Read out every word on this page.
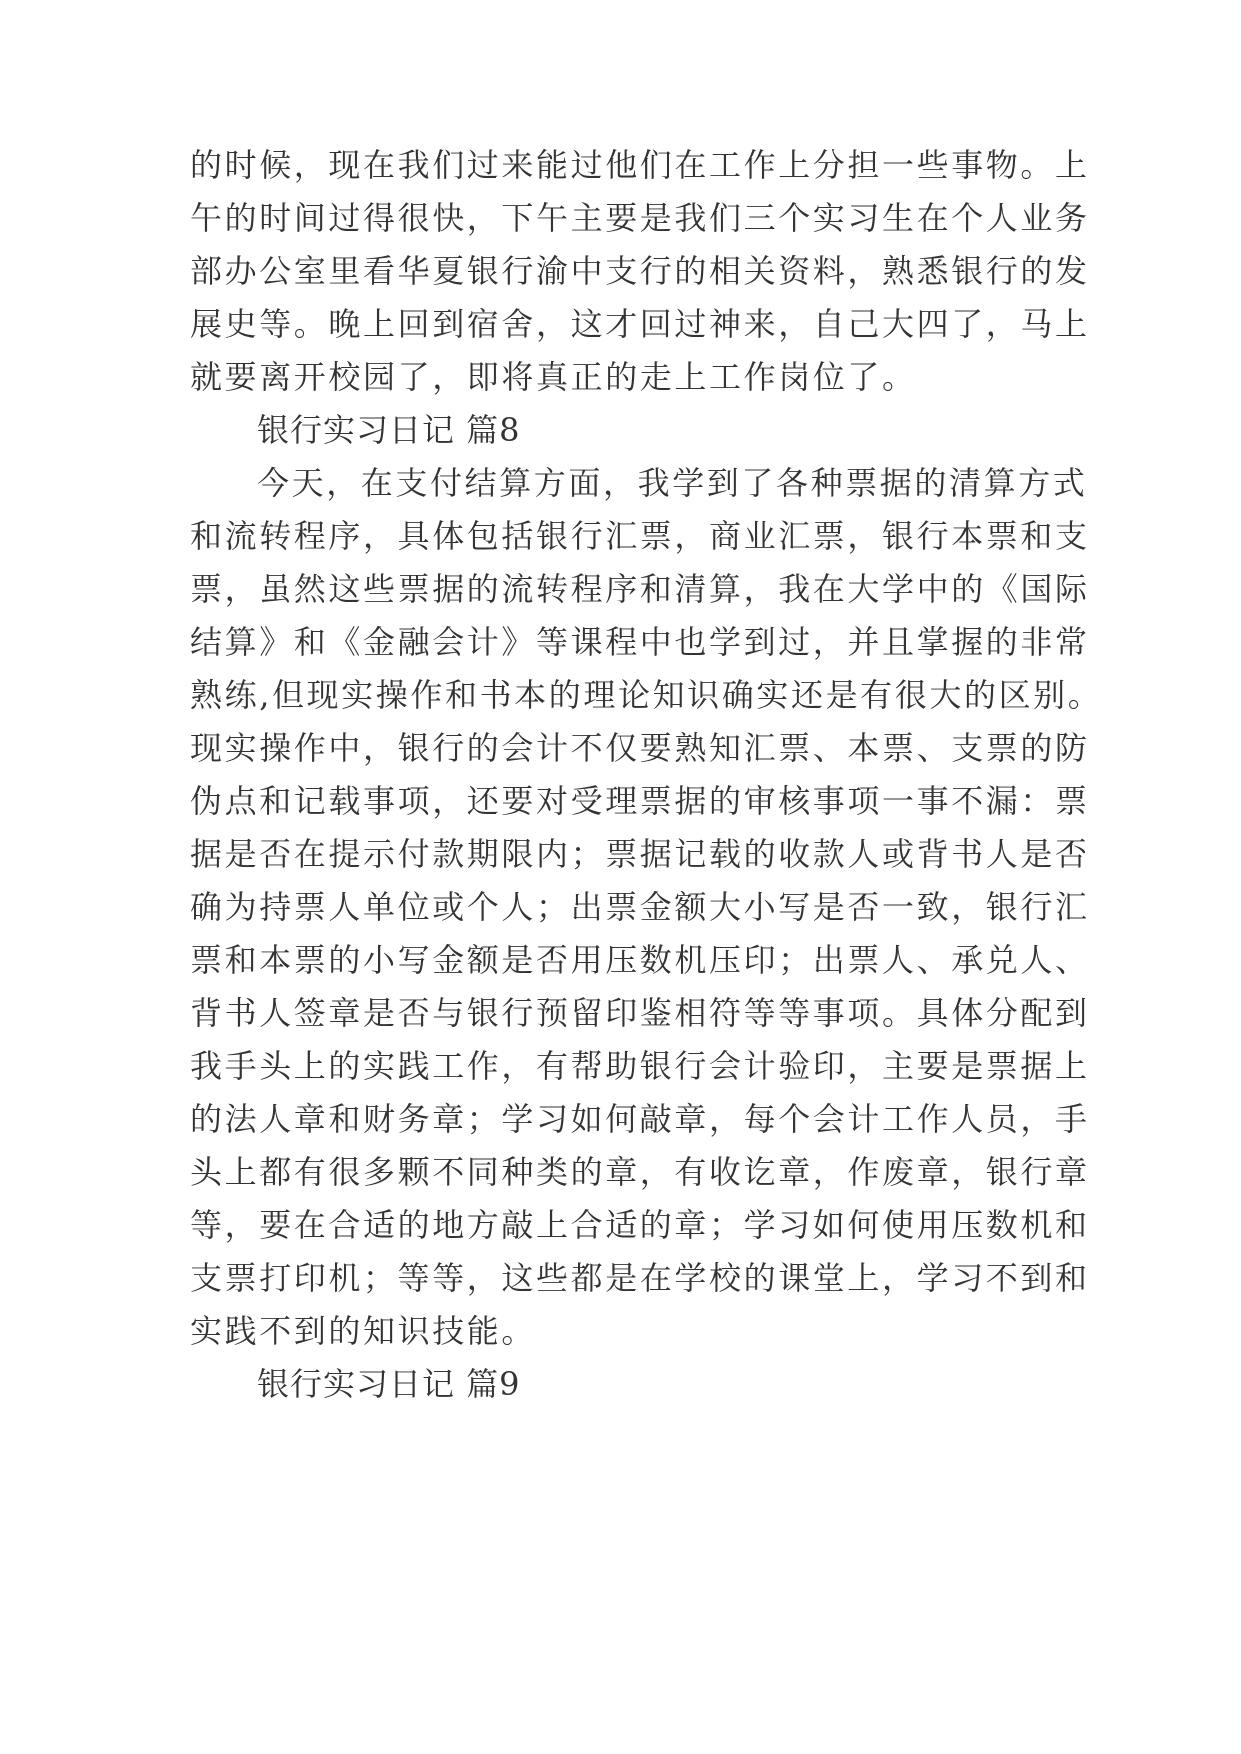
的时候，现在我们过来能过他们在工作上分担一些事物。上
午的时间过得很快，下午主要是我们三个实习生在个人业务
部办公室里看华夏银行渝中支行的相关资料，熟悉银行的发
展史等。晚上回到宿舍，这才回过神来，自己大四了，马上
就要离开校园了，即将真正的走上工作岗位了。
银行实习日记 篇8
今天，在支付结算方面，我学到了各种票据的清算方式
和流转程序，具体包括银行汇票，商业汇票，银行本票和支
票，虽然这些票据的流转程序和清算，我在大学中的《国际
结算》和《金融会计》等课程中也学到过，并且掌握的非常
熟练,但现实操作和书本的理论知识确实还是有很大的区别。
现实操作中，银行的会计不仅要熟知汇票、本票、支票的防
伪点和记载事项，还要对受理票据的审核事项一事不漏：票
据是否在提示付款期限内；票据记载的收款人或背书人是否
确为持票人单位或个人；出票金额大小写是否一致，银行汇
票和本票的小写金额是否用压数机压印；出票人、承兑人、
背书人签章是否与银行预留印鉴相符等等事项。具体分配到
我手头上的实践工作，有帮助银行会计验印，主要是票据上
的法人章和财务章；学习如何敲章，每个会计工作人员，手
头上都有很多颗不同种类的章，有收讫章，作废章，银行章
等，要在合适的地方敲上合适的章；学习如何使用压数机和
支票打印机；等等，这些都是在学校的课堂上，学习不到和
实践不到的知识技能。
银行实习日记 篇9
